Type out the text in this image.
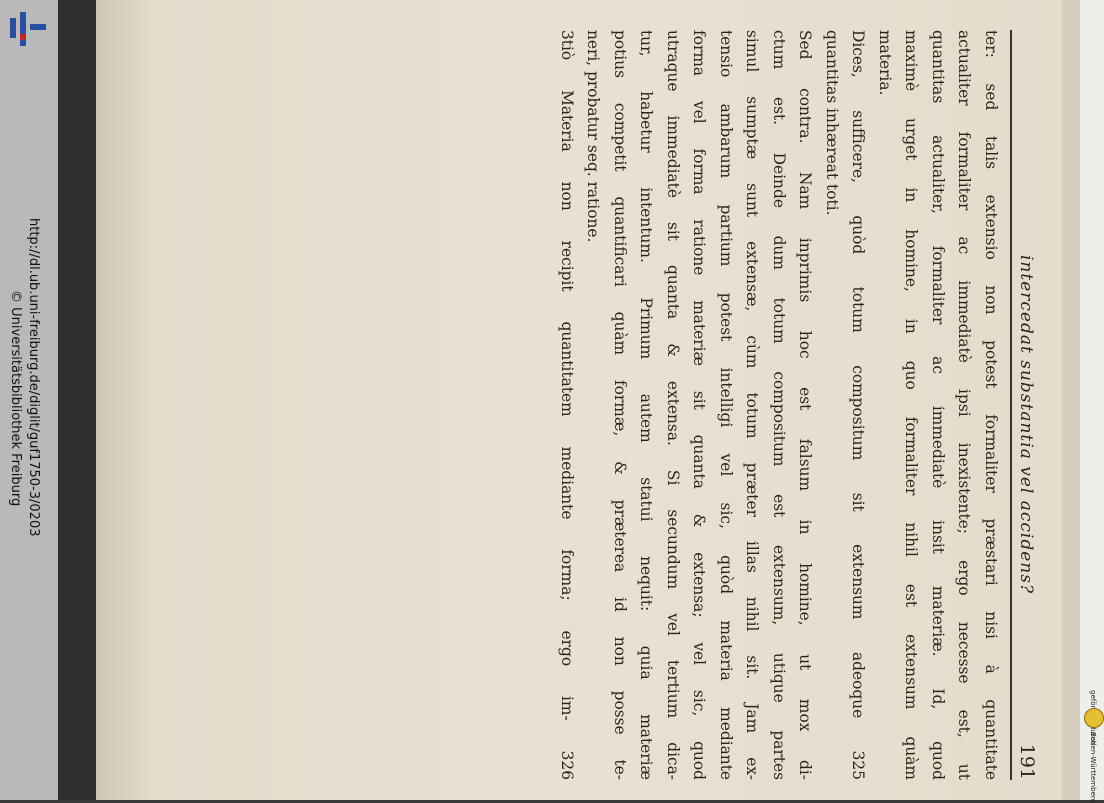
http://dl.ub.uni-freiburg.de/diglit/guf1750-3/0203
© Universitätsbibliothek Freiburg	intercedat substantia vel accidens?
191
ter: sed talis extensio non potest formaliter præstari nisi à quantitate
actualiter formaliter ac immediatè ipsi inexistente; ergo necesse est, ut
quantitas actualiter, formaliter ac immediatè insit materiæ. Id, quod
maximè urget in homine, in quo formaliter nihil est extensum quàm
materia.
Dices, sufficere, quòd totum compositum sit extensum adeoque 325
quantitas inhæreat toti.
Sed contra. Nam inprimis hoc est falsum in homine, ut mox di-
ctum est. Deinde dum totum compositum est extensum, utique partes
simul sumptæ sunt extensæ, cùm totum præter illas nihil sit. Jam ex-
tensio ambarum partium potest intelligi vel sic, quòd materia mediante
forma vel forma ratione materiæ sit quanta & extensa; vel sic, quod
utraque immediatè sit quanta & extensa. Si secundum vel tertium dica-
tur, habetur intentum. Primum autem statui nequit: quia materiæ
potius competit quantificari quàm formæ, & præterea id non posse te-
neri, probatur seq. ratione.
3tiò Materia non recipit quantitatem mediante forma; ergo im- 326	Baden-Württemberg
